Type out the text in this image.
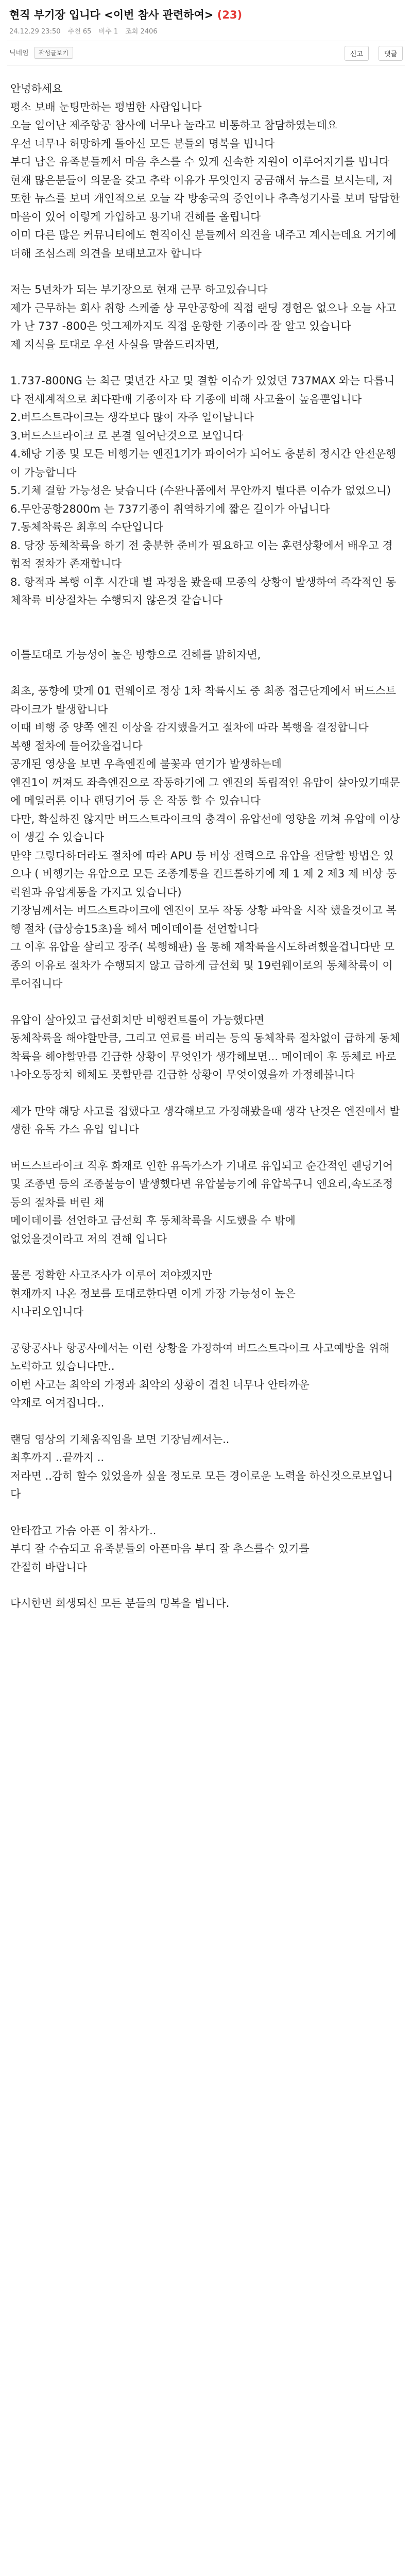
현직 부기장 입니다 <이번 참사 관련하여> (23)
24.12.29 23:50 추천 65 비추 1 조회 2406
닉네임 작성글보기	신고	댓글

안녕하세요

평소 보배 눈팅만하는 평범한 사람입니다

오늘 일어난 제주항공 참사에 너무나 놀라고 비통하고 참담하였는데요

우선 너무나 허망하게 돌아신 모든 분들의 명복을 빕니다

부디 남은 유족분들께서 마음 추스를 수 있게 신속한 지원이 이루어지기를 빕니다

현재 많은분들이 의문을 갖고 추락 이유가 무엇인지 궁금해서 뉴스를 보시는데, 저또한 뉴스를 보며 개인적으로 오늘 각 방송국의 증언이나 추측성기사를 보며 답답한마음이 있어 이렇게 가입하고 용기내 견해를 올립니다

이미 다른 많은 커뮤니티에도 현직이신 분들께서 의견을 내주고 계시는데요 거기에 더해 조심스레 의견을 보태보고자 합니다

저는 5년차가 되는 부기장으로 현재 근무 하고있습니다

제가 근무하는 회사 취항 스케줄 상 무안공항에 직접 랜딩 경험은 없으나 오늘 사고가 난 737 -800은 엇그제까지도 직접 운항한 기종이라 잘 알고 있습니다

제 지식을 토대로 우선 사실을 말씀드리자면,

1.737-800NG 는 최근 몇년간 사고 및 결함 이슈가 있었던 737MAX 와는 다릅니다 전세계적으로 최다판매 기종이자 타 기종에 비해 사고율이 높음뿐입니다

2.버드스트라이크는 생각보다 많이 자주 일어납니다

3.버드스트라이크 로 본결 일어난것으로 보입니다

4.해당 기종 및 모든 비행기는 엔진1기가 파이어가 되어도 충분히 정시간 안전운행이 가능합니다

5.기체 결함 가능성은 낮습니다 (수완나폼에서 무안까지 별다른 이슈가 없었으니)

6.무안공항2800m 는 737기종이 취역하기에 짧은 길이가 아닙니다

7.동체착륙은 최후의 수단입니다

8. 당장 동체착륙을 하기 전 충분한 준비가 필요하고 이는 훈련상황에서 배우고 경험적 절차가 존재합니다

8. 항적과 복행 이후 시간대 별 과정을 봤을때 모종의 상황이 발생하여 즉각적인 동체착륙 비상절차는 수행되지 않은것 같습니다

이틀토대로 가능성이 높은 방향으로 견해를 밝히자면,

최초, 풍향에 맞게 01 런웨이로 정상 1차 착륙시도 중 최종 접근단계에서 버드스트라이크가 발생합니다

이때 비행 중 양쪽 엔진 이상을 감지했을거고 절차에 따라 복행을 결정합니다

복행 절차에 들어갔을겁니다

공개된 영상을 보면 우측엔진에 불꽃과 연기가 발생하는데

엔진1이 꺼져도 좌측엔진으로 작동하기에 그 엔진의 독립적인 유압이 살아있기때문에 메일러론 이나 랜딩기어 등 은 작동 할 수 있습니다

다만, 확실하진 않지만 버드스트라이크의 충격이 유압선에 영향을 끼쳐 유압에 이상이 생길 수 있습니다

만약 그렇다하더라도 절차에 따라 APU 등 비상 전력으로 유압을 전달할 방법은 있으나 ( 비행기는 유압으로 모든 조종계통을 컨트롤하기에 제 1 제 2 제3 제 비상 동력원과 유압계통을 가지고 있습니다)

기장님께서는 버드스트라이크에 엔진이 모두 작동 상황 파악을 시작 했을것이고 복행 절차 (급상승15초)을 해서 메이데이를 선언합니다

그 이후 유압을 살리고 장주( 복행해판) 을 통해 재착륙을시도하려했을겁니다만 모종의 이유로 절차가 수행되지 않고 급하게 급선회 및 19런웨이로의 동체착륙이 이루어집니다

유압이 살아있고 급선회치만 비행컨트롤이 가능했다면

동체착륙을 해야할만큼, 그리고 연료를 버리는 등의 동체착륙 절차없이 급하게 동체착륙을 해야할만큼 긴급한 상황이 무엇인가 생각해보면... 메이데이 후 동체로 바로 나아오동장치 해체도 못할만큼 긴급한 상황이 무엇이였을까 가정해봅니다

제가 만약 해당 사고를 접했다고 생각해보고 가정해봤을때 생각 난것은 엔진에서 발생한 유독 가스 유입 입니다

버드스트라이크 직후 화재로 인한 유독가스가 기내로 유입되고 순간적인 랜딩기어및 조종면 등의 조종불능이 발생했다면 유압불능기에 유압복구니 엔요리,속도조정등의 절차를 버린 채

메이데이를 선언하고 급선회 후 동체착륙을 시도했을 수 밖에

없었을것이라고 저의 견해 입니다

물론 정확한 사고조사가 이루어 져야겠지만

현재까지 나온 정보를 토대로한다면 이게 가장 가능성이 높은

시나리오입니다

공항공사나 항공사에서는 이런 상황을 가정하여 버드스트라이크 사고예방을 위해 노력하고 있습니다만..

이번 사고는 최악의 가정과 최악의 상황이 겹친 너무나 안타까운

악재로 여겨집니다..

랜딩 영상의 기체움직임을 보면 기장님께서는..

최후까지 ..끝까지 ..

저라면 ..감히 할수 있었을까 싶을 정도로 모든 경이로운 노력을 하신것으로보입니다

안타깝고 가슴 아픈 이 참사가..

부디 잘 수습되고 유족분들의 아픈마음 부디 잘 추스를수 있기를

간절히 바랍니다

다시한번 희생되신 모든 분들의 명복을 빕니다.
